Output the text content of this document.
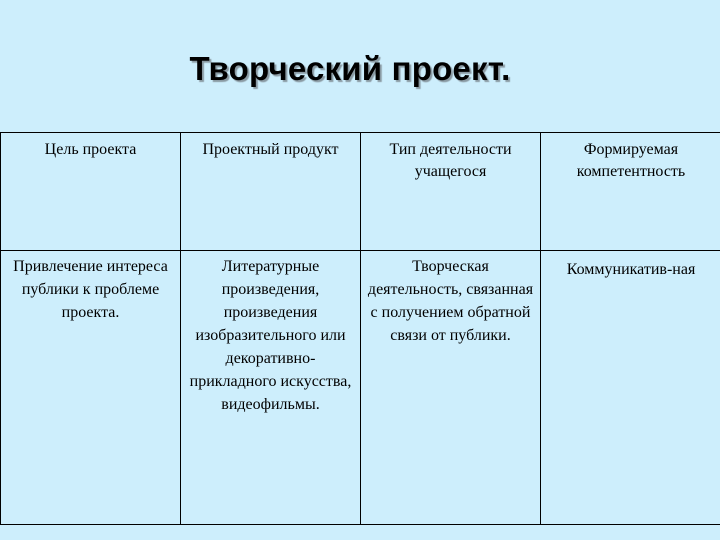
Творческий проект.
Цель проекта	Проектный продукт	Тип деятельности учащегося	Формируемая компетентность
Привлечение интереса публики к проблеме проекта.	Литературные произведения, произведения изобразительного или декоративно-прикладного искусства, видеофильмы.	Творческая деятельность, связанная с получением обратной связи от публики.	Коммуникатив-ная
